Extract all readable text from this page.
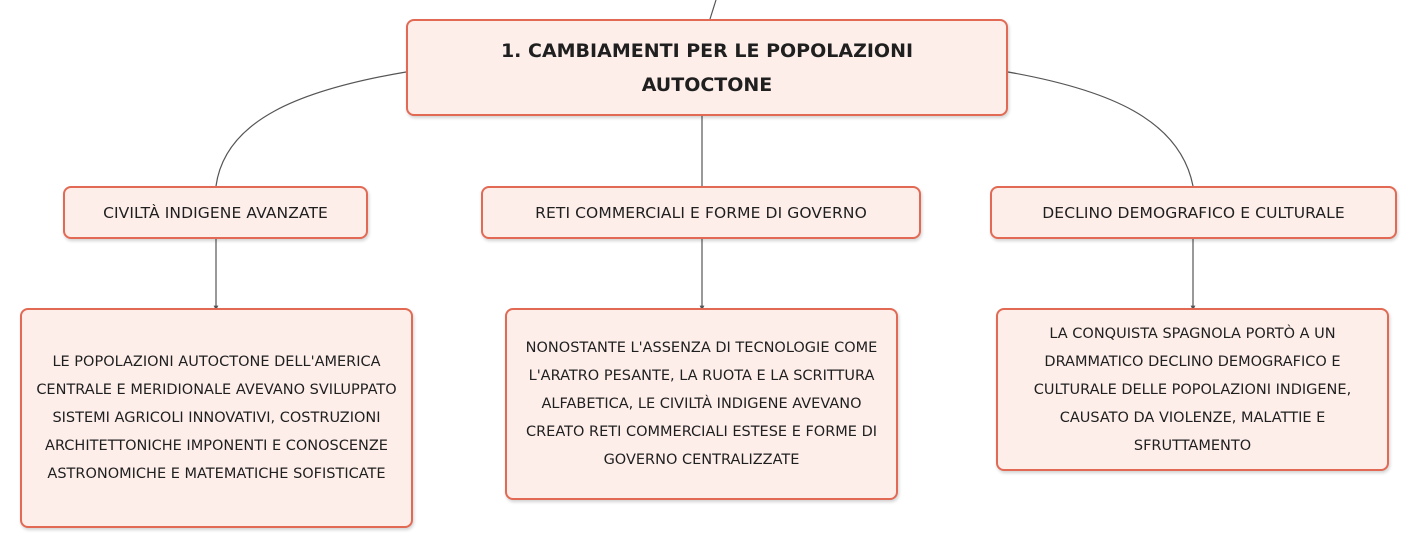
1. CAMBIAMENTI PER LE POPOLAZIONI AUTOCTONE
CIVILTÀ INDIGENE AVANZATE	RETI COMMERCIALI E FORME DI GOVERNO	DECLINO DEMOGRAFICO E CULTURALE
LE POPOLAZIONI AUTOCTONE DELL'AMERICA CENTRALE E MERIDIONALE AVEVANO SVILUPPATO SISTEMI AGRICOLI INNOVATIVI, COSTRUZIONI ARCHITETTONICHE IMPONENTI E CONOSCENZE ASTRONOMICHE E MATEMATICHE SOFISTICATE
NONOSTANTE L'ASSENZA DI TECNOLOGIE COME L'ARATRO PESANTE, LA RUOTA E LA SCRITTURA ALFABETICA, LE CIVILTÀ INDIGENE AVEVANO CREATO RETI COMMERCIALI ESTESE E FORME DI GOVERNO CENTRALIZZATE
LA CONQUISTA SPAGNOLA PORTÒ A UN DRAMMATICO DECLINO DEMOGRAFICO E CULTURALE DELLE POPOLAZIONI INDIGENE, CAUSATO DA VIOLENZE, MALATTIE E SFRUTTAMENTO
